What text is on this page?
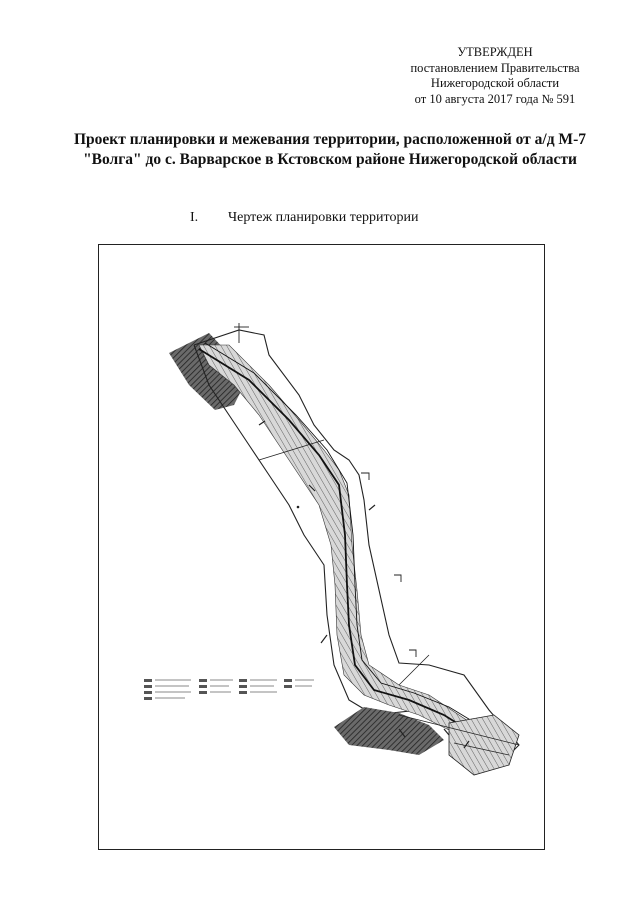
УТВЕРЖДЕН
постановлением Правительства
Нижегородской области
от 10 августа 2017 года № 591
Проект планировки и межевания территории, расположенной от а/д М-7
"Волга" до с. Варварское в Кстовском районе Нижегородской области
I. Чертеж планировки территории
